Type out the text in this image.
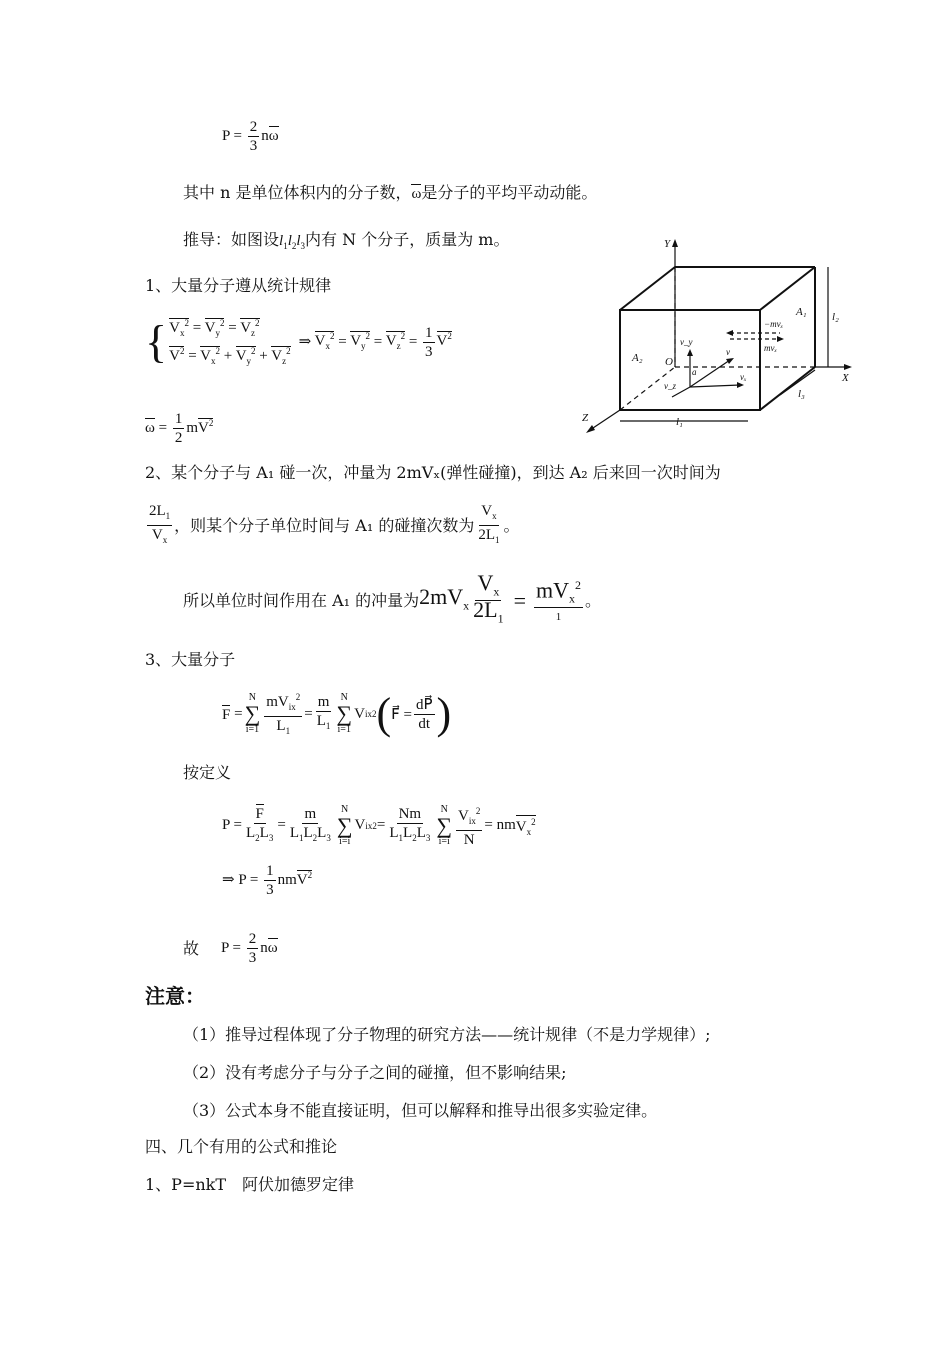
$P = \frac{2}{3}$ nω
其中 n 是单位体积内的分子数，ω是分子的平均平动动能。
推导：如图设$l_1l_2l_3$内有 N 个分子，质量为 m。
1、大量分子遵从统计规律
{ $V_x^2 = V_y^2 = V_z^2$
$V^2 = V_x^2 + V_y^2 + V_z^2$
⇒ $V_x^2 = V_y^2 = V_z^2 = \frac{1}{3} V^2$
$\omega = \frac{1}{2} mV^2$
2、某个分子与 A₁ 碰一次，冲量为 2mVₓ(弹性碰撞)，到达 A₂ 后来回一次时间为
$\frac{2L_1}{V_x}$ ，则某个分子单位时间与 A₁ 的碰撞次数为 $\frac{V_x}{2L_1}$ 。
所以单位时间作用在 A₁ 的冲量为 $2mV_x \frac{V_x}{2L_1} = \frac{mV_x^2}{1}$ 。
3、大量分子
F =
N
∑
$i=1 \frac{mV_{ix}^2}{L_1} = \frac{m}{L_1}$ N
∑
i=1
V ix 2 ( F⃗ = $\frac{dP⃗}{dt}$ )
按定义
$P = \frac{F}{L_2L_3} = \frac{m}{L_1L_2L_3}$ N
∑
i=i
V ix $2 = \frac{Nm}{L_1L_2L_3}$ N
∑
$i=i \frac{V_{ix}^2}{N}$ = nm $V_x^2$
⇒ $P = \frac{1}{3} nmV^2$
故 $P = \frac{2}{3}$ nω
注意：
（1）推导过程体现了分子物理的研究方法——统计规律（不是力学规律）;
（2）没有考虑分子与分子之间的碰撞，但不影响结果;
（3）公式本身不能直接证明，但可以解释和推导出很多实验定律。
四、几个有用的公式和推论
1、P=nkT　阿伏加德罗定律
Y
X
Z
O
A₁
A₂
l₁
l₂
l₃
−mvₓ
mvₓ
v_y
v
vₓ
v_z
a
